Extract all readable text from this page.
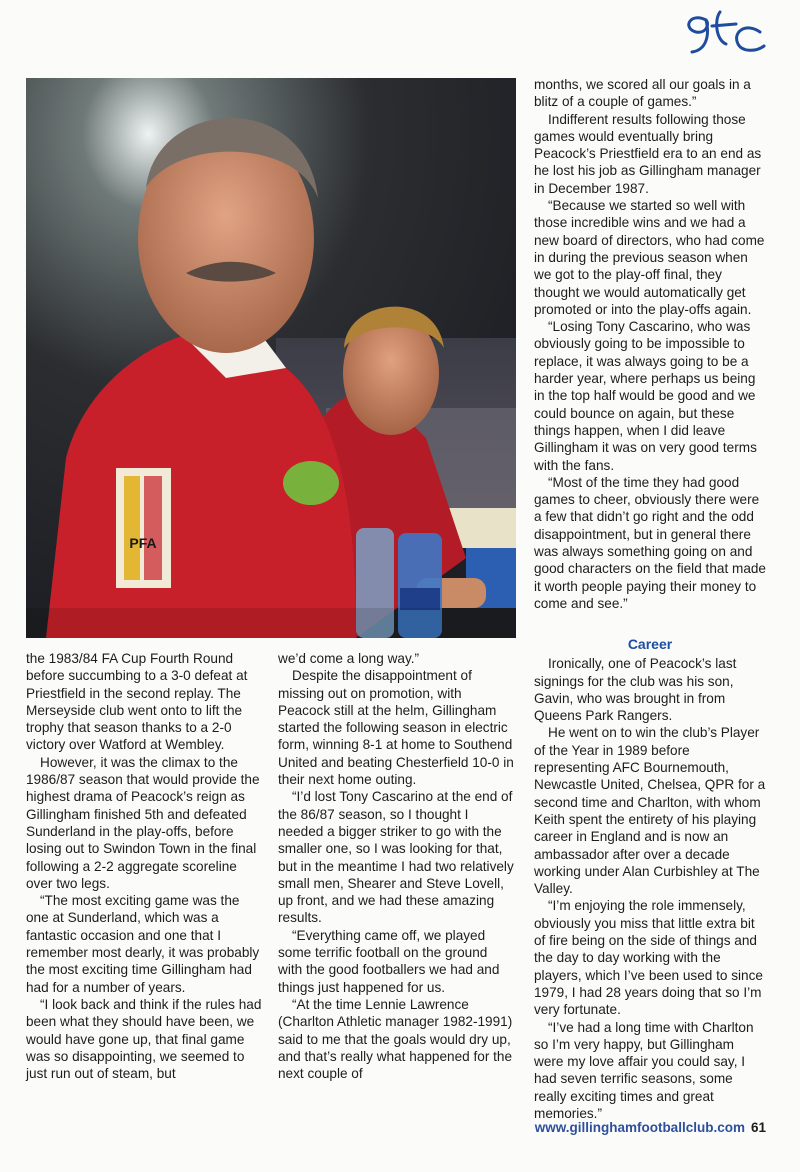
PFA

months, we scored all our goals in a blitz of a couple of games.”

Indifferent results following those games would eventually bring Peacock’s Priestfield era to an end as he lost his job as Gillingham manager in December 1987.

“Because we started so well with those incredible wins and we had a new board of directors, who had come in during the previous season when we got to the play-off final, they thought we would automatically get promoted or into the play-offs again.

“Losing Tony Cascarino, who was obviously going to be impossible to replace, it was always going to be a harder year, where perhaps us being in the top half would be good and we could bounce on again, but these things happen, when I did leave Gillingham it was on very good terms with the fans.

“Most of the time they had good games to cheer, obviously there were a few that didn’t go right and the odd disappointment, but in general there was always something going on and good characters on the field that made it worth people paying their money to come and see.”

the 1983/84 FA Cup Fourth Round before succumbing to a 3-0 defeat at Priestfield in the second replay. The Merseyside club went onto to lift the trophy that season thanks to a 2-0 victory over Watford at Wembley.

However, it was the climax to the 1986/87 season that would provide the highest drama of Peacock’s reign as Gillingham finished 5th and defeated Sunderland in the play-offs, before losing out to Swindon Town in the final following a 2-2 aggregate scoreline over two legs.

“The most exciting game was the one at Sunderland, which was a fantastic occasion and one that I remember most dearly, it was probably the most exciting time Gillingham had had for a number of years.

“I look back and think if the rules had been what they should have been, we would have gone up, that final game was so disappointing, we seemed to just run out of steam, but

we’d come a long way.”

Despite the disappointment of missing out on promotion, with Peacock still at the helm, Gillingham started the following season in electric form, winning 8-1 at home to Southend United and beating Chesterfield 10-0 in their next home outing.

“I’d lost Tony Cascarino at the end of the 86/87 season, so I thought I needed a bigger striker to go with the smaller one, so I was looking for that, but in the meantime I had two relatively small men, Shearer and Steve Lovell, up front, and we had these amazing results.

“Everything came off, we played some terrific football on the ground with the good footballers we had and things just happened for us.

“At the time Lennie Lawrence (Charlton Athletic manager 1982-1991) said to me that the goals would dry up, and that’s really what happened for the next couple of

Career

Ironically, one of Peacock’s last signings for the club was his son, Gavin, who was brought in from Queens Park Rangers.

He went on to win the club’s Player of the Year in 1989 before representing AFC Bournemouth, Newcastle United, Chelsea, QPR for a second time and Charlton, with whom Keith spent the entirety of his playing career in England and is now an ambassador after over a decade working under Alan Curbishley at The Valley.

“I’m enjoying the role immensely, obviously you miss that little extra bit of fire being on the side of things and the day to day working with the players, which I’ve been used to since 1979, I had 28 years doing that so I’m very fortunate.

“I’ve had a long time with Charlton so I’m very happy, but Gillingham were my love affair you could say, I had seven terrific seasons, some really exciting times and great memories.”

www.gillinghamfootballclub.com 61
